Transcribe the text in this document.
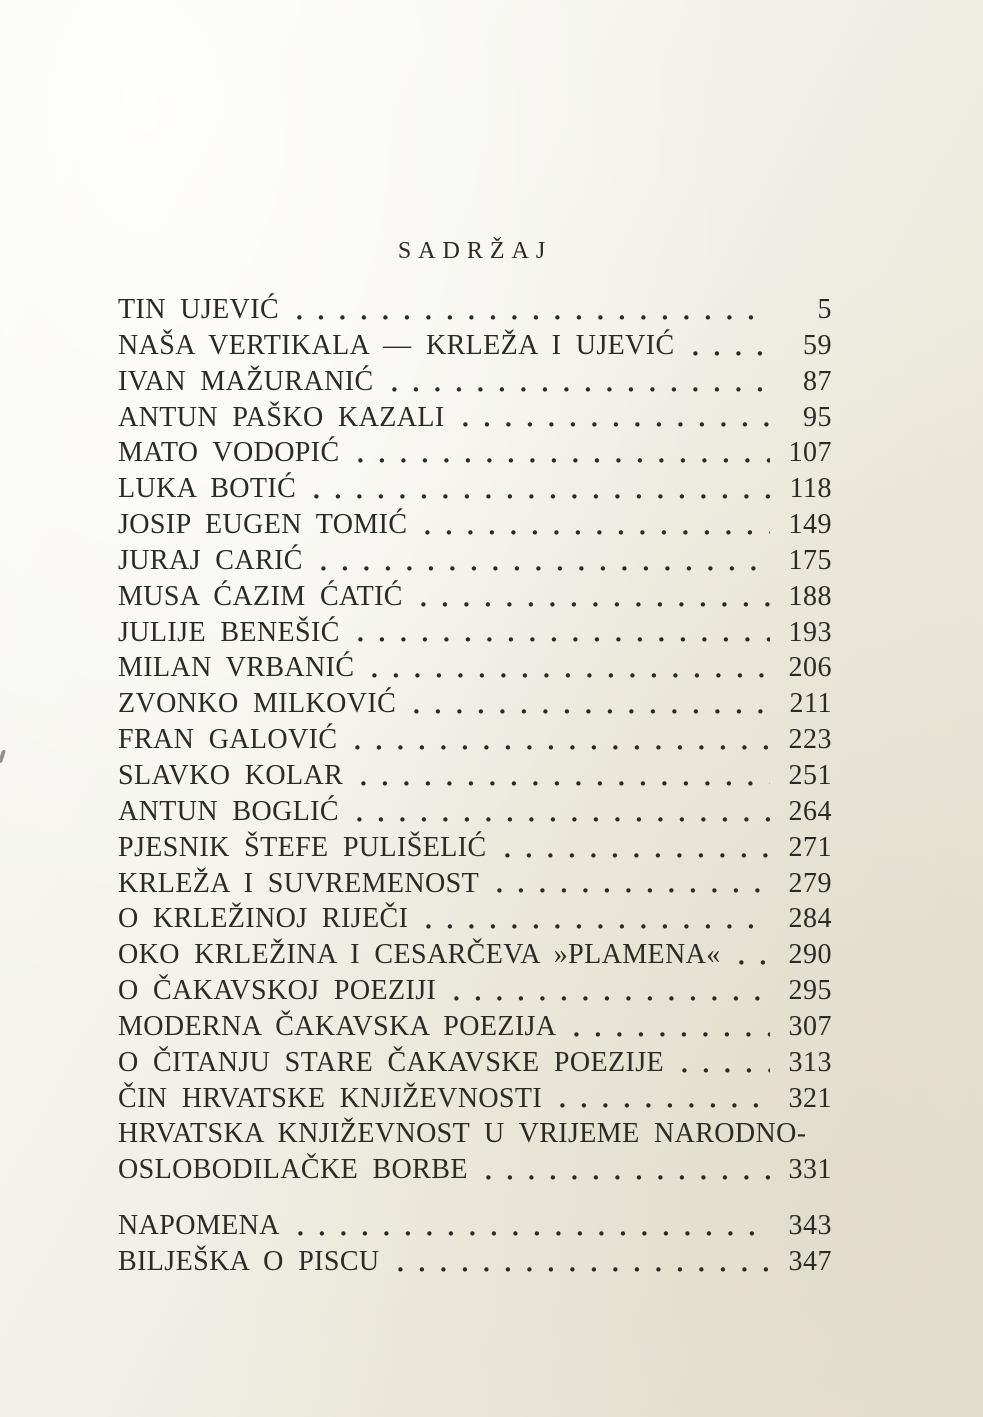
SADRŽAJ
TIN UJEVIĆ	5
NAŠA VERTIKALA — KRLEŽA I UJEVIĆ	59
IVAN MAŽURANIĆ	87
ANTUN PAŠKO KAZALI	95
MATO VODOPIĆ	107
LUKA BOTIĆ	118
JOSIP EUGEN TOMIĆ	149
JURAJ CARIĆ	175
MUSA ĆAZIM ĆATIĆ	188
JULIJE BENEŠIĆ	193
MILAN VRBANIĆ	206
ZVONKO MILKOVIĆ	211
FRAN GALOVIĆ	223
SLAVKO KOLAR	251
ANTUN BOGLIĆ	264
PJESNIK ŠTEFE PULIŠELIĆ	271
KRLEŽA I SUVREMENOST	279
O KRLEŽINOJ RIJEČI	284
OKO KRLEŽINA I CESARČEVA »PLAMENA« 290
O ČAKAVSKOJ POEZIJI	295
MODERNA ČAKAVSKA POEZIJA	307
O ČITANJU STARE ČAKAVSKE POEZIJE	313
ČIN HRVATSKE KNJIŽEVNOSTI	321
HRVATSKA KNJIŽEVNOST U VRIJEME NARODNO-
OSLOBODILAČKE BORBE	331
NAPOMENA	343
BILJEŠKA O PISCU	347
